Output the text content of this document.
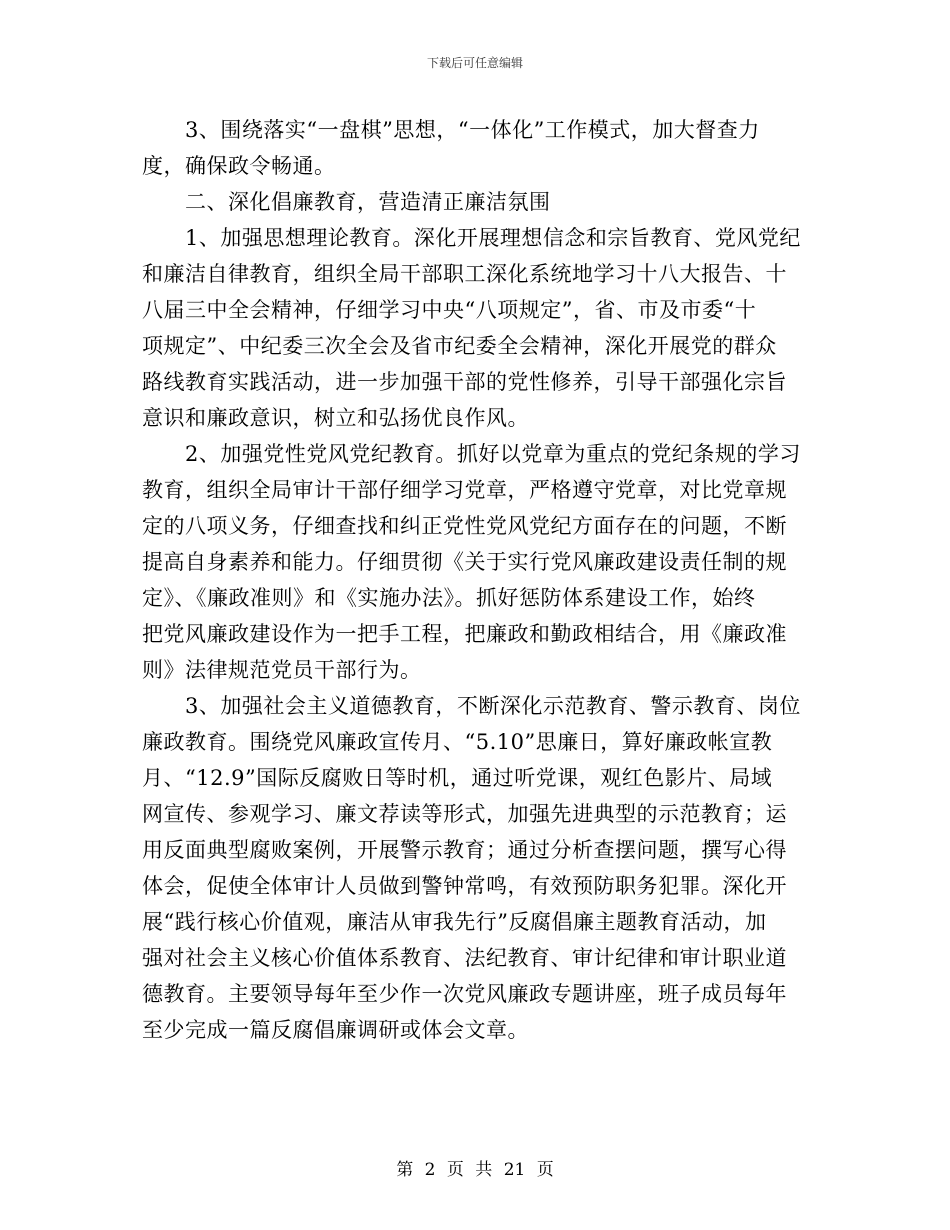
下载后可任意编辑
　　3、围绕落实“一盘棋”思想，“一体化”工作模式，加大督查力
度，确保政令畅通。
　　二、深化倡廉教育，营造清正廉洁氛围
　　1、加强思想理论教育。深化开展理想信念和宗旨教育、党风党纪
和廉洁自律教育，组织全局干部职工深化系统地学习十八大报告、十
八届三中全会精神，仔细学习中央“八项规定”，省、市及市委“十
项规定”、中纪委三次全会及省市纪委全会精神，深化开展党的群众
路线教育实践活动，进一步加强干部的党性修养，引导干部强化宗旨
意识和廉政意识，树立和弘扬优良作风。
　　2、加强党性党风党纪教育。抓好以党章为重点的党纪条规的学习
教育，组织全局审计干部仔细学习党章，严格遵守党章，对比党章规
定的八项义务，仔细查找和纠正党性党风党纪方面存在的问题，不断
提高自身素养和能力。仔细贯彻《关于实行党风廉政建设责任制的规
定》、《廉政准则》和《实施办法》。抓好惩防体系建设工作，始终
把党风廉政建设作为一把手工程，把廉政和勤政相结合，用《廉政准
则》法律规范党员干部行为。
　　3、加强社会主义道德教育，不断深化示范教育、警示教育、岗位
廉政教育。围绕党风廉政宣传月、“5.10”思廉日，算好廉政帐宣教
月、“12.9”国际反腐败日等时机，通过听党课，观红色影片、局域
网宣传、参观学习、廉文荐读等形式，加强先进典型的示范教育；运
用反面典型腐败案例，开展警示教育；通过分析查摆问题，撰写心得
体会，促使全体审计人员做到警钟常鸣，有效预防职务犯罪。深化开
展“践行核心价值观，廉洁从审我先行”反腐倡廉主题教育活动，加
强对社会主义核心价值体系教育、法纪教育、审计纪律和审计职业道
德教育。主要领导每年至少作一次党风廉政专题讲座，班子成员每年
至少完成一篇反腐倡廉调研或体会文章。
第 2 页 共 21 页
